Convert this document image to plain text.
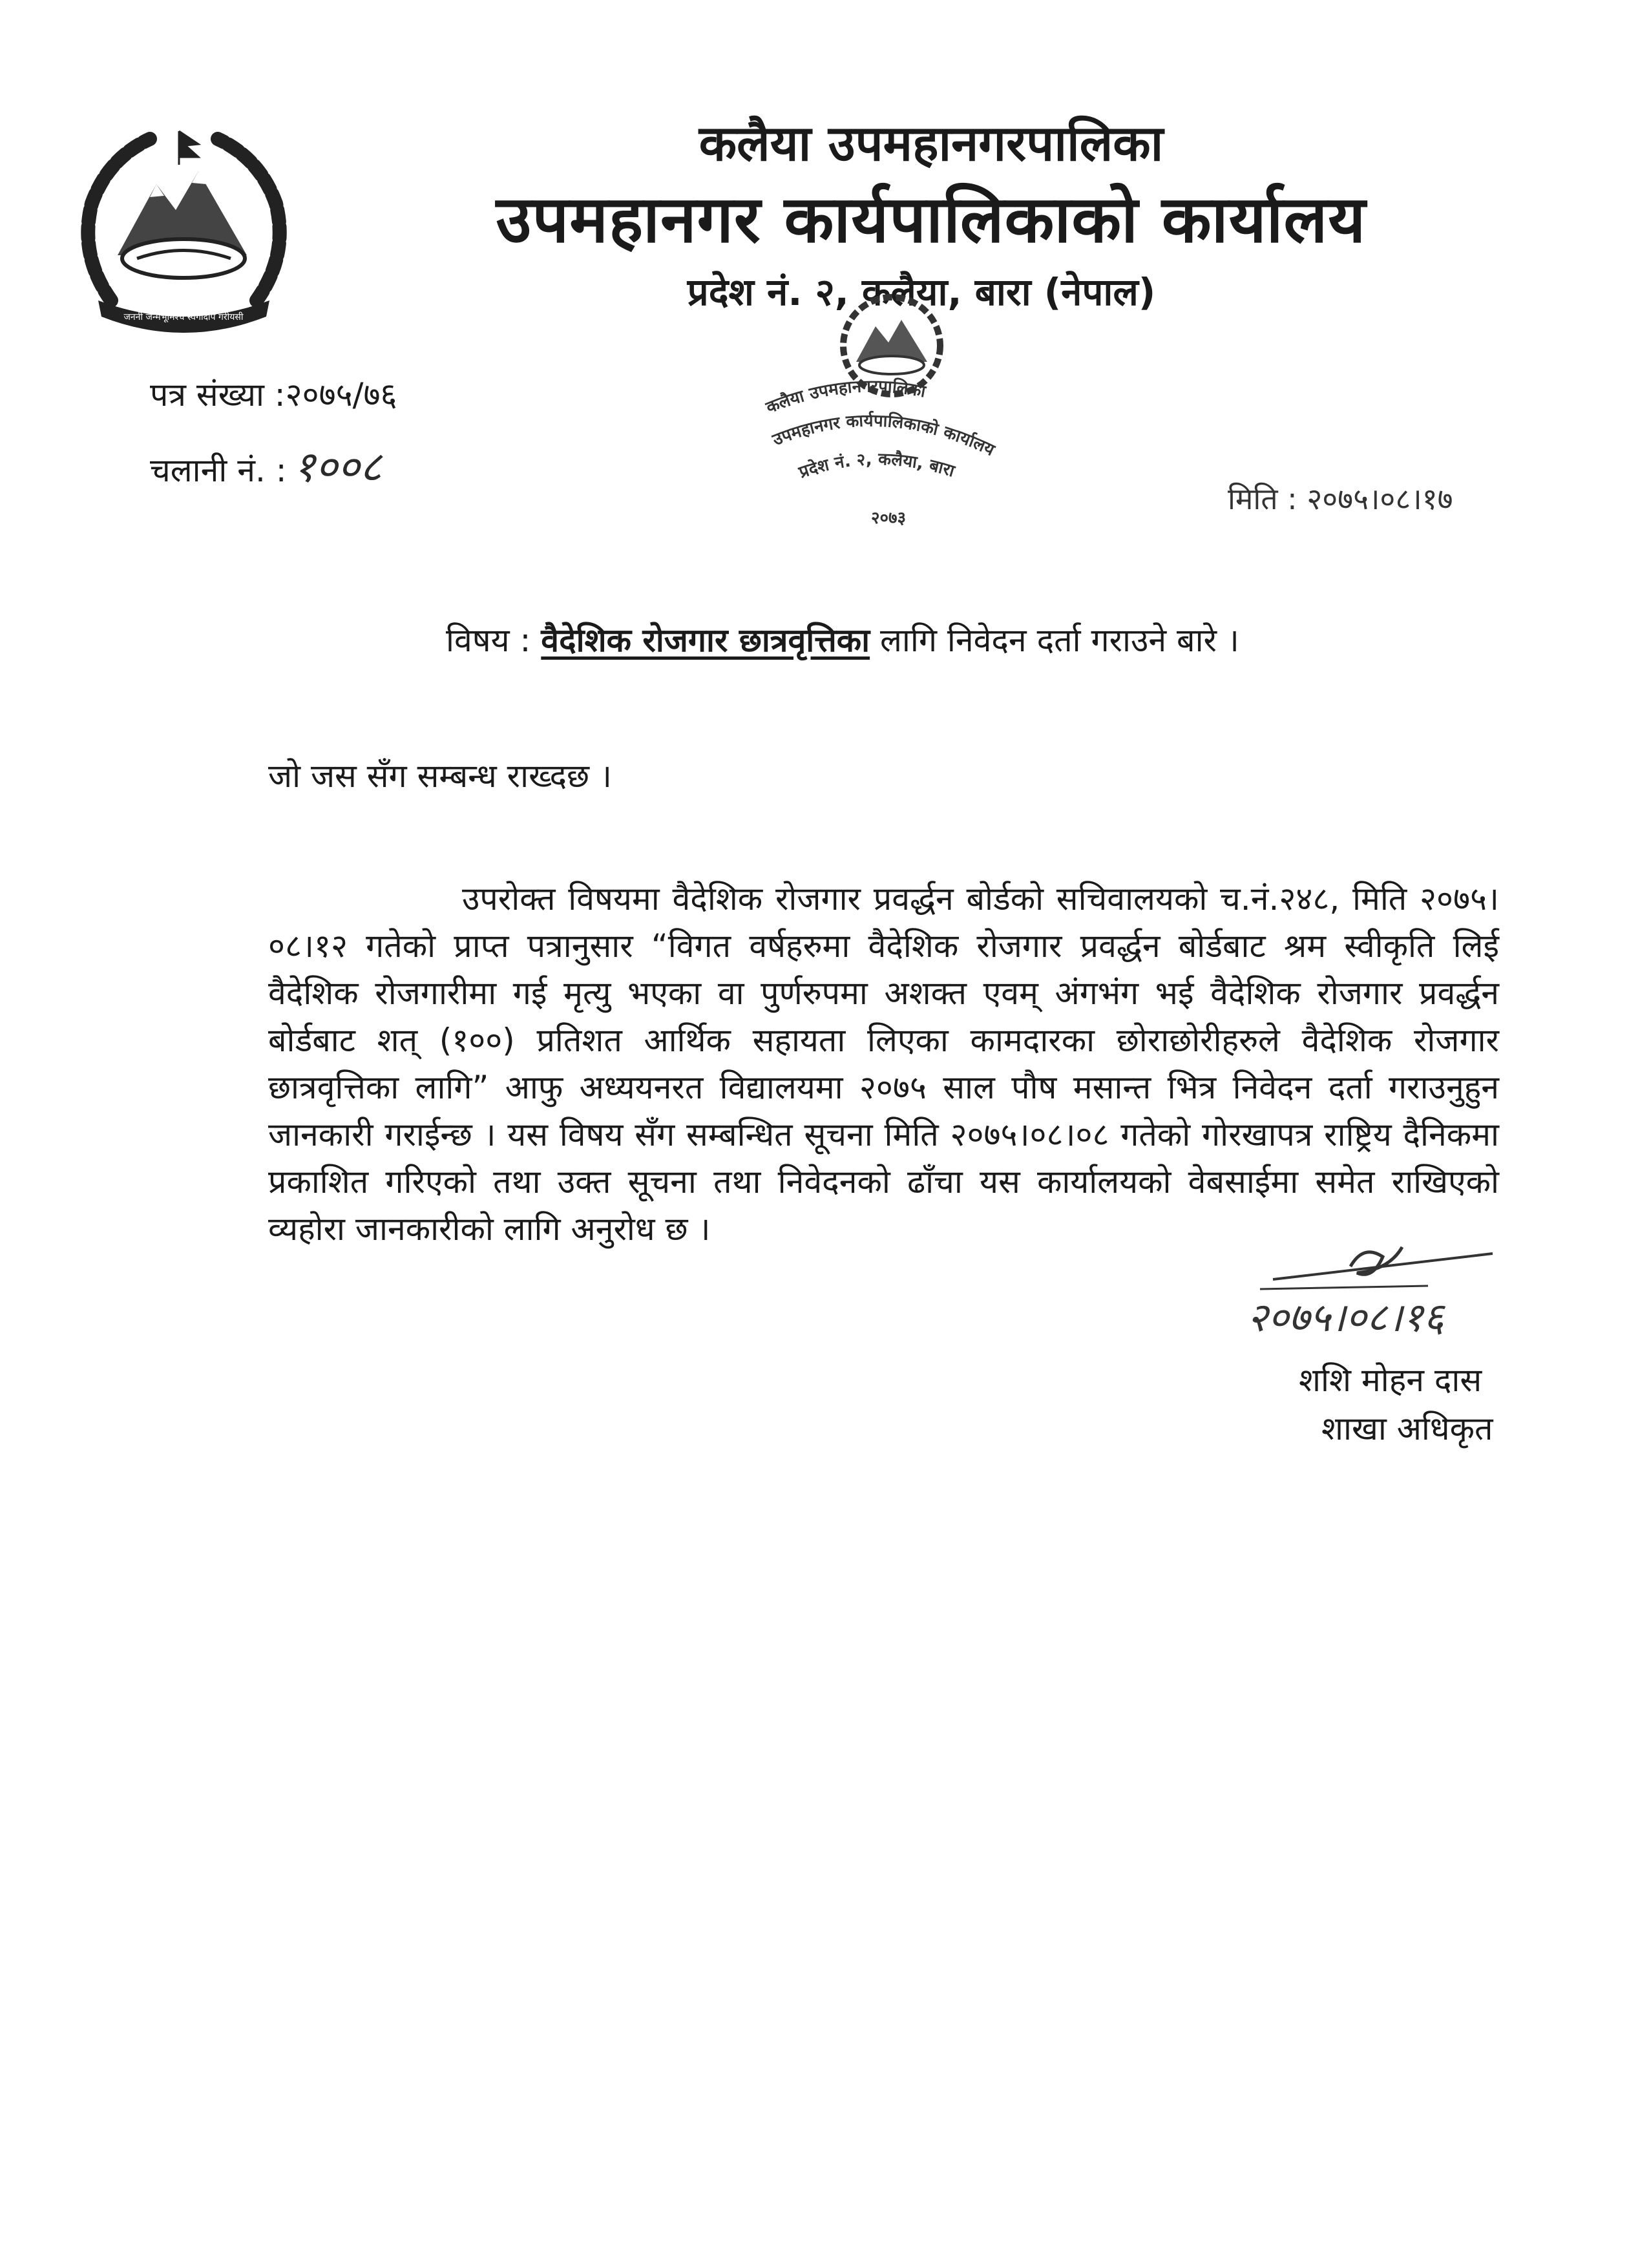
जननी जन्मभूमिश्च स्वर्गादपि गरीयसी
कलैया उपमहानगरपालिका
उपमहानगर कार्यपालिकाको कार्यालय
प्रदेश नं. २, कलैया, बारा (नेपाल)
पत्र संख्या :२०७५/७६
चलानी नं. : १००८
कलैया उपमहानगरपालिका
उपमहानगर कार्यपालिकाको कार्यालय
प्रदेश नं. २, कलैया, बारा
२०७३
मिति : २०७५।०८।१७
विषय : वैदेशिक रोजगार छात्रवृत्तिका लागि निवेदन दर्ता गराउने बारे ।
जो जस सँग सम्बन्ध राख्दछ ।
उपरोक्त विषयमा वैदेशिक रोजगार प्रवर्द्धन बोर्डको सचिवालयको च.नं.२४८, मिति २०७५।०८।१२ गतेको प्राप्त पत्रानुसार “विगत वर्षहरुमा वैदेशिक रोजगार प्रवर्द्धन बोर्डबाट श्रम स्वीकृति लिई वैदेशिक रोजगारीमा गई मृत्यु भएका वा पुर्णरुपमा अशक्त एवम् अंगभंग भई वैदेशिक रोजगार प्रवर्द्धन बोर्डबाट शत् (१००) प्रतिशत आर्थिक सहायता लिएका कामदारका छोराछोरीहरुले वैदेशिक रोजगार छात्रवृत्तिका लागि” आफु अध्ययनरत विद्यालयमा २०७५ साल पौष मसान्त भित्र निवेदन दर्ता गराउनुहुन जानकारी गराईन्छ । यस विषय सँग सम्बन्धित सूचना मिति २०७५।०८।०८ गतेको गोरखापत्र राष्ट्रिय दैनिकमा प्रकाशित गरिएको तथा उक्त सूचना तथा निवेदनको ढाँचा यस कार्यालयको वेबसाईमा समेत राखिएको व्यहोरा जानकारीको लागि अनुरोध छ ।
२०७५।०८।१६
शशि मोहन दास
शाखा अधिकृत
